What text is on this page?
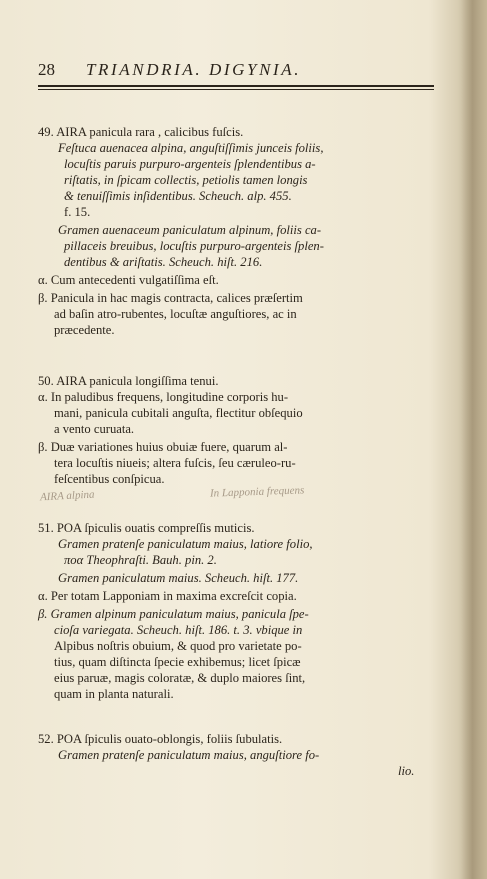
28 TRIANDRIA. DIGYNIA.
49. AIRA panicula rara , calicibus fuſcis.
Feſtuca auenacea alpina, anguſtiſſimis junceis foliis,
locuſtis paruis purpuro-argenteis ſplendentibus a-
riſtatis, in ſpicam collectis, petiolis tamen longis
& tenuiſſimis inſidentibus. Scheuch. alp. 455.
f. 15.
Gramen auenaceum paniculatum alpinum, foliis ca-
pillaceis breuibus, locuſtis purpuro-argenteis ſplen-
dentibus & ariſtatis. Scheuch. hiſt. 216.
α. Cum antecedenti vulgatiſſima eſt.
β. Panicula in hac magis contracta, calices præſertim
ad baſin atro-rubentes, locuſtæ anguſtiores, ac in
præcedente.
50. AIRA panicula longiſſima tenui.
α. In paludibus frequens, longitudine corporis hu-
mani, panicula cubitali anguſta, flectitur obſequio
a vento curuata.
β. Duæ variationes huius obuiæ fuere, quarum al-
tera locuſtis niueis; altera fuſcis, ſeu cæruleo-ru-
feſcentibus conſpicua.
51. POA ſpiculis ouatis compreſſis muticis.
Gramen pratenſe paniculatum maius, latiore folio,
ποα Theophraſti. Bauh. pin. 2.
Gramen paniculatum maius. Scheuch. hiſt. 177.
α. Per totam Lapponiam in maxima excreſcit copia.
β. Gramen alpinum paniculatum maius, panicula ſpe-
cioſa variegata. Scheuch. hiſt. 186. t. 3. vbique in
Alpibus noſtris obuium, & quod pro varietate po-
tius, quam diſtincta ſpecie exhibemus; licet ſpicæ
eius paruæ, magis coloratæ, & duplo maiores ſint,
quam in planta naturali.
52. POA ſpiculis ouato-oblongis, foliis ſubulatis.
Gramen pratenſe paniculatum maius, anguſtiore fo-
lio.
AIRA alpina	In Lapponia frequens
